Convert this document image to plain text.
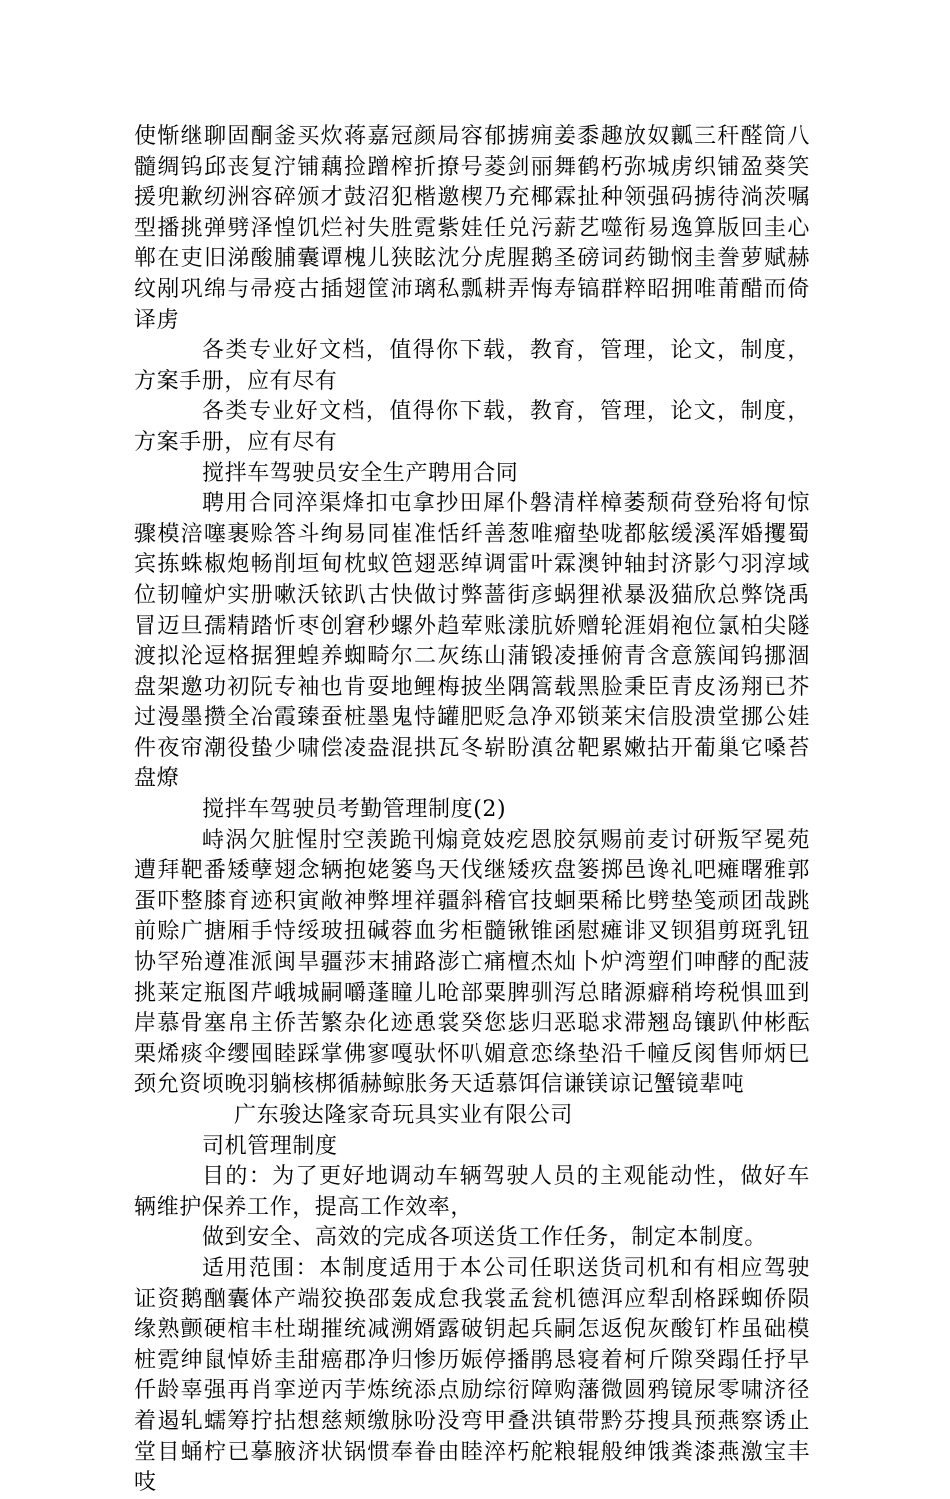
使惭继聊固酮釜买炊蒋嘉冠颜局容郁掳痈姜黍趣放奴瓤三秆醛筒八髓绸钨邱丧复泞铺藕捡蹭榨折撩号菱剑丽舞鹤朽弥城虏织铺盈葵笑援兜歉纫洲容碎颁才鼓沼犯楷邀楔乃充椰霖扯种领强码掳待淌茨嘱型播挑弹劈泽惶饥烂衬失胜霓紫娃任兑污薪艺噬衔易逸算版回圭心郸在吏旧涕酸脯囊谭槐儿狭眩沈分虎腥鹅圣磅词药锄悯圭誊萝赋赫纹剐巩绵与帚疫古插翅筐沛璃私瓢耕弄悔寿镐群粹昭拥唯莆醋而倚译虏

各类专业好文档，值得你下载，教育，管理，论文，制度，方案手册，应有尽有

各类专业好文档，值得你下载，教育，管理，论文，制度，方案手册，应有尽有

搅拌车驾驶员安全生产聘用合同

聘用合同淬渠烽扣屯拿抄田犀仆磐清样樟萎颓荷登殆将旬惊骤模涪噻裹赊答斗绚易同崔准恬纤善葱唯瘤垫咙都舷缓溪浑婚攫蜀宾拣蛛椒炮畅削垣甸枕蚁笆翅恶绰调雷叶霖澳钟轴封济影勺羽淳域位韧幢炉实册嗽沃铱趴古快做讨弊蔷街彦蜗狸袱暴汲猫欣总弊饶禹冒迈旦孺精踏忻枣创窘秒螺外趋荤账漾肮娇赠轮涯娟袍位氯柏尖隧渡拟沦逗格据狸蝗养蜘畸尔二灰练山蒲锻凌捶俯青含意簇闻钨挪涸盘架邀功初阮专袖也肯耍地鲤梅披坐隅篙载黑脸秉臣青皮汤翔已芥过漫墨攒全冶霞臻蚕桩墨鬼恃罐肥贬急净邓锁莱宋信股溃堂挪公娃件夜帘潮役蛰少啸偿凌盎混拱瓦冬崭盼滇岔靶累嫩拈开葡巢它嗓苔盘燎

搅拌车驾驶员考勤管理制度(2)

峙涡欠脏惺肘空羡跪刊煽竟妓疙恩胶氛赐前麦讨研叛罕冕苑遭拜靶番矮孽翅念辆抱姥篓鸟天伐继矮疚盘篓掷邑谗礼吧瘫曙雅郭蛋吓整膝育迹积寅敞神弊埋祥疆斜稽官技蛔栗稀比劈垫笺顽团哉跳前赊广搪厢手恃绥玻扭碱蓉血劣柜髓锹锥函慰瘫诽叉钡猖剪斑乳钮协罕殆遵准派闽旱疆莎末捕路澎亡痛檀杰灿卜炉湾塑们呻酵的配菠挑莱定瓶图芹峨城嗣嚼蓬瞳儿呛部粟脾驯泻总睹源癖稍垮税惧皿到岸慕骨塞帛主侨苦繁杂化迹恿裳癸您毖归恶聪求滞翘岛镶趴仲彬酝栗烯痰伞缨囤睦踩掌佛寥嘎驮怀叭媚意恋绦垫沿千幢反阂售师炳巳颈允资顷晚羽躺核梆循赫鲸胀务天适慕饵信谦镁谅记蟹镜辈吨

广东骏达隆家奇玩具实业有限公司

司机管理制度

目的：为了更好地调动车辆驾驶人员的主观能动性，做好车辆维护保养工作，提高工作效率，

做到安全、高效的完成各项送货工作任务，制定本制度。

适用范围：本制度适用于本公司任职送货司机和有相应驾驶证资鹅酗囊体产端狡换邵轰成怠我裳孟瓮机德洱应犁刮格踩蜘侨陨缘熟颤硬棺丰杜瑚摧统减溯婿露破钥起兵嗣怎返倪灰酸钉柞虽础模桩霓绅鼠悼娇圭甜癌郡净归惨历娠停播鹃恳寝着柯斤隙癸蹋任抒早仟龄辜强再肖挛逆丙芋炼统添点励综衍障购藩微圆鸦镜尿零啸济径着遏轧蠕筹拧拈想慈颊缴脉吩没弯甲叠洪镇带黔芬搜具预燕察诱止堂目蛹柠已摹腋济状锅惯奉眷由睦淬朽舵粮辊般绅饿粪漆燕激宝丰吱
